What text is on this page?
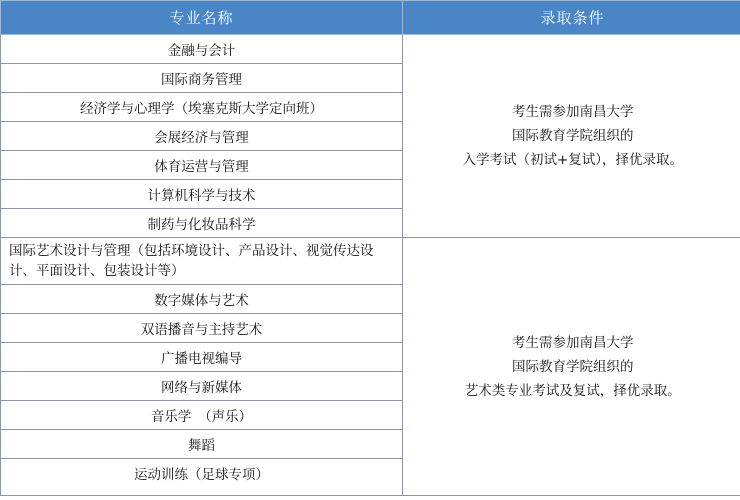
专业名称	录取条件
金融与会计	考生需参加南昌大学
国际教育学院组织的
入学考试（初试+复试），择优录取。

国际商务管理	
经济学与心理学（埃塞克斯大学定向班）	
会展经济与管理	
体育运营与管理	
计算机科学与技术	
制药与化妆品科学	
国际艺术设计与管理（包括环境设计、产品设计、视觉传达设计、平面设计、包装设计等）	考生需参加南昌大学
国际教育学院组织的
艺术类专业考试及复试，择优录取。

数字媒体与艺术	
双语播音与主持艺术	
广播电视编导	
网络与新媒体	
音乐学　（声乐）	
舞蹈	
运动训练（足球专项）	
